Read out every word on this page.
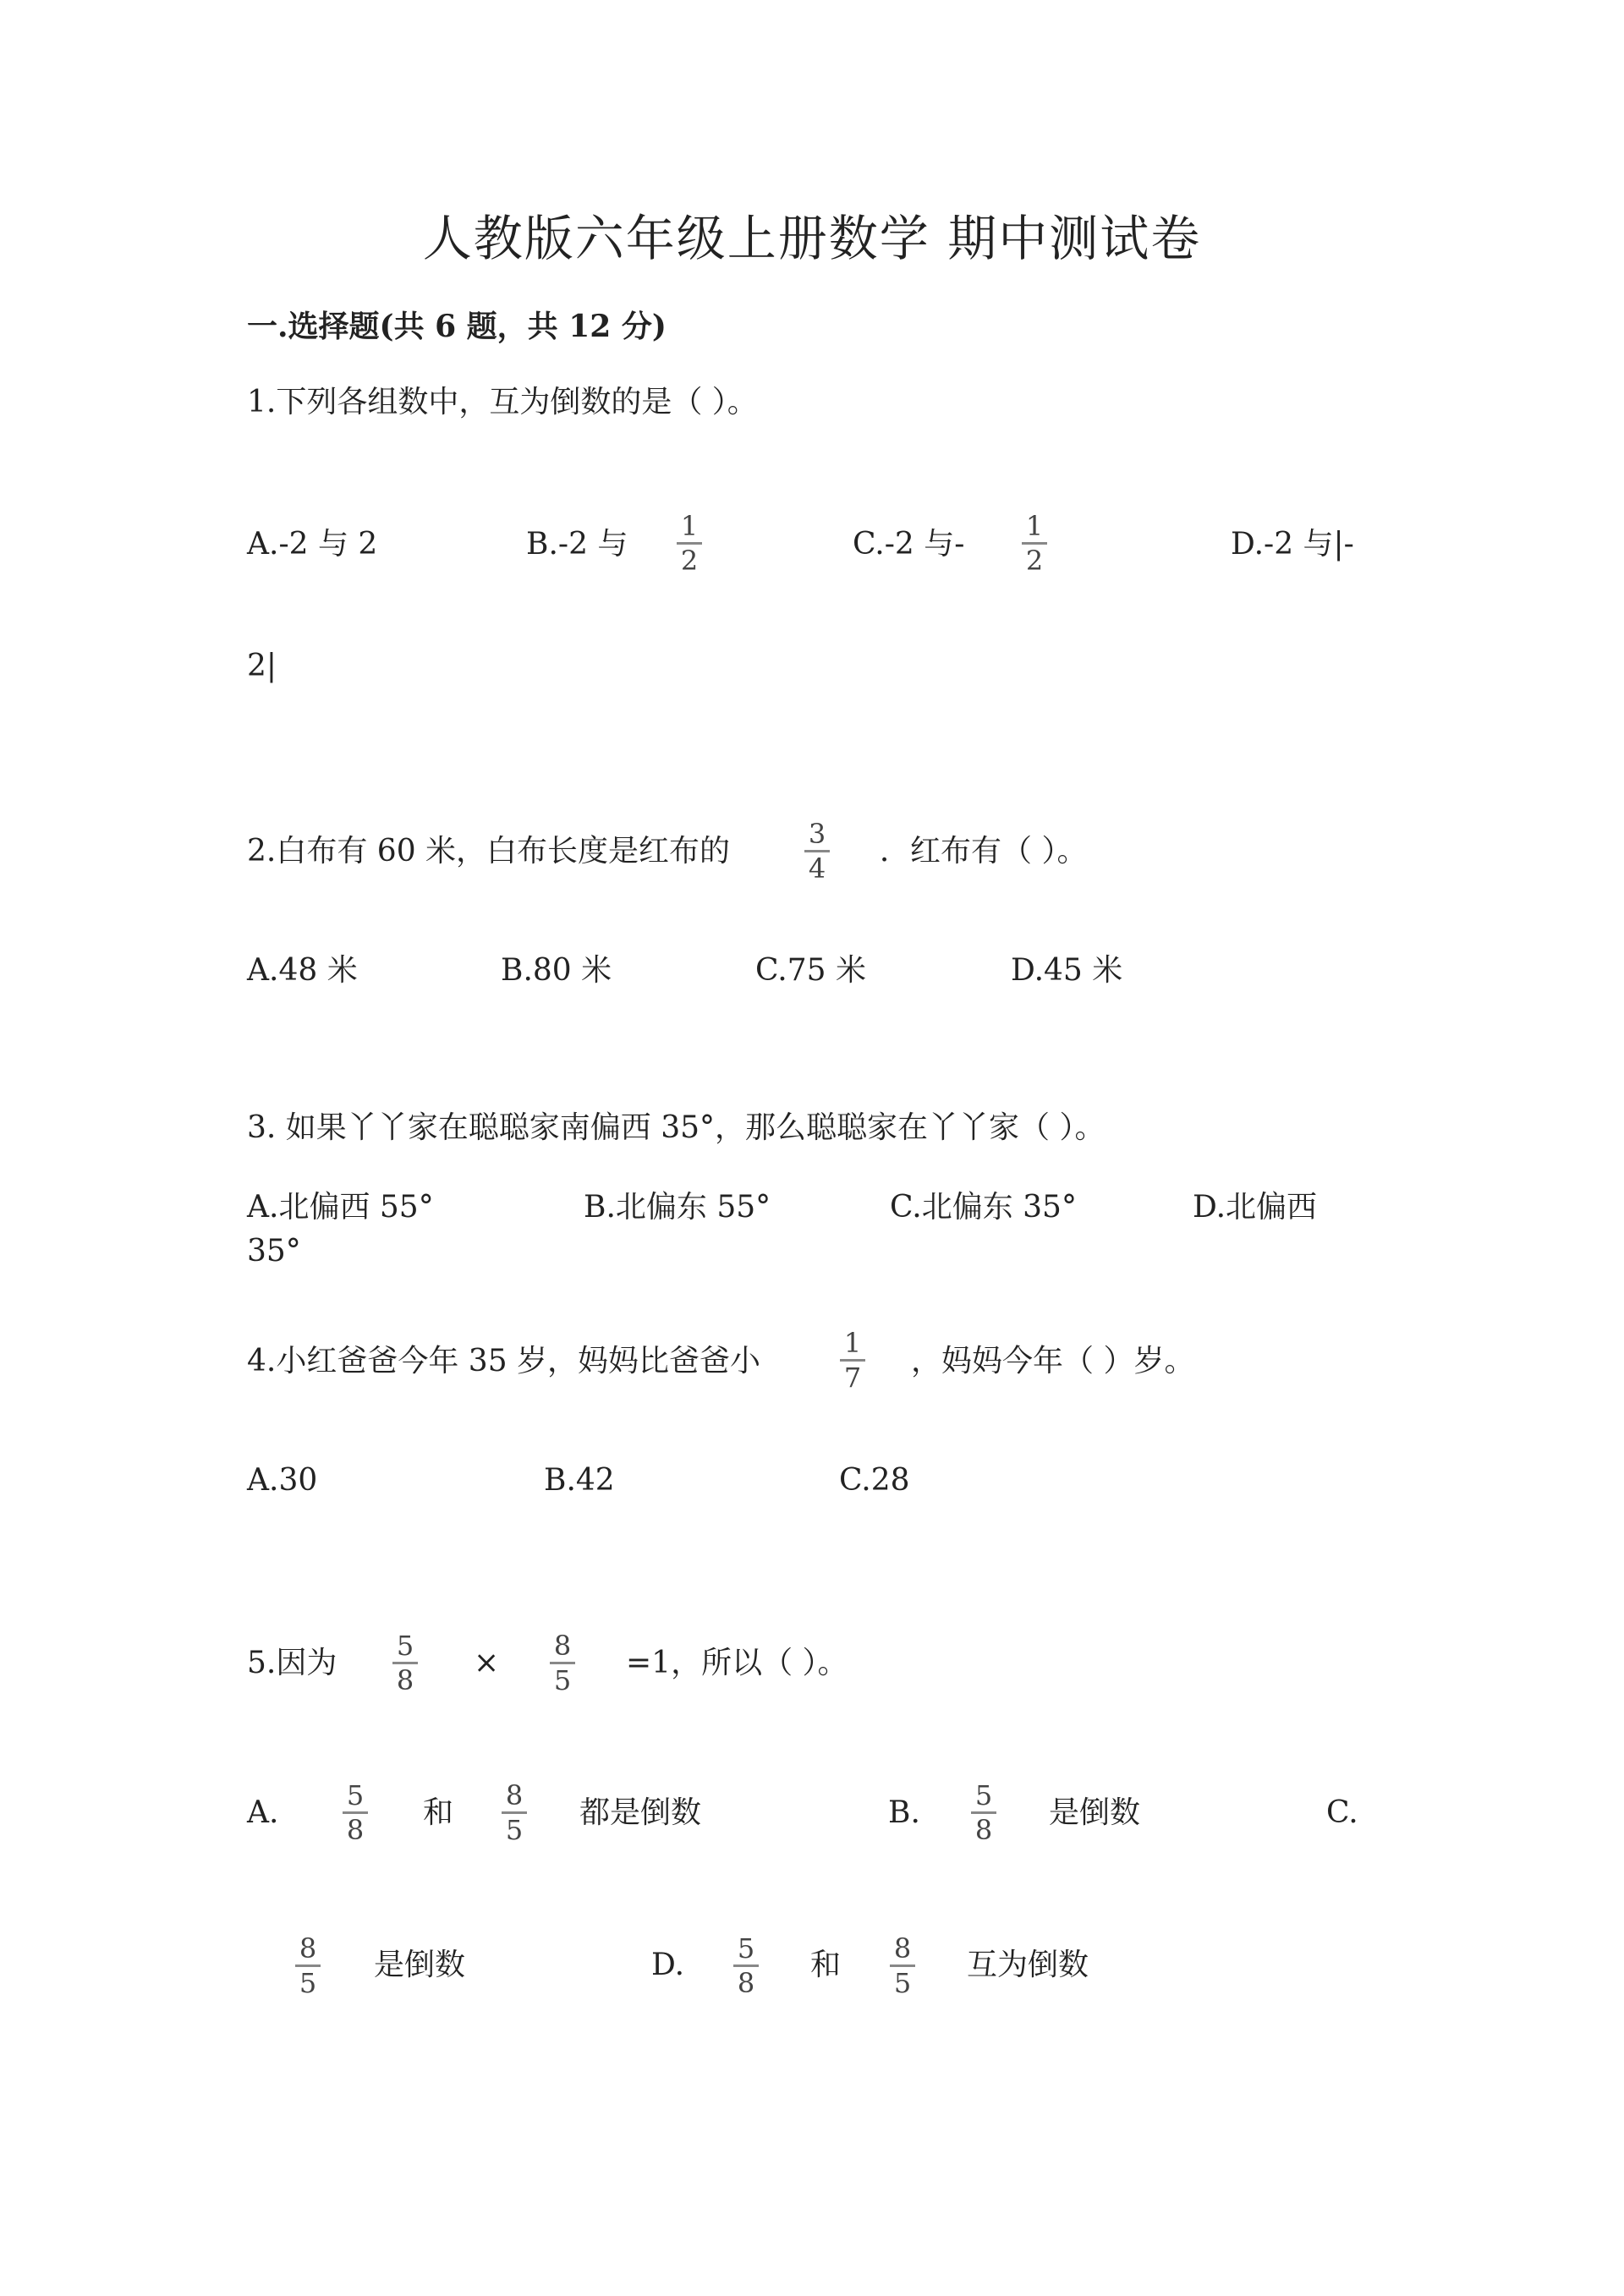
人教版六年级上册数学 期中测试卷
一.选择题(共 6 题，共 12 分)
1.下列各组数中，互为倒数的是（ ）。
A.-2 与 2	B.-2 与
1
2	C.-2 与-
1
2	D.-2 与|-
2|
2.白布有 60 米，白布长度是红布的	3
4 ．红布有（ ）。
A.48 米	B.80 米	C.75 米	D.45 米
3. 如果丫丫家在聪聪家南偏西 35°，那么聪聪家在丫丫家（ ）。
A.北偏西 55°	B.北偏东 55°	C.北偏东 35°	D.北偏西
35°
4.小红爸爸今年 35 岁，妈妈比爸爸小
1
7 ，妈妈今年（ ）岁。
A.30	B.42	C.28
5.因为 5
8 × 8
5 =1，所以（ ）。
A.	5
8 和 8
5 都是倒数	B. 5
8 是倒数	C.
8
5
是倒数	D. 5
8
和 8
5
互为倒数
